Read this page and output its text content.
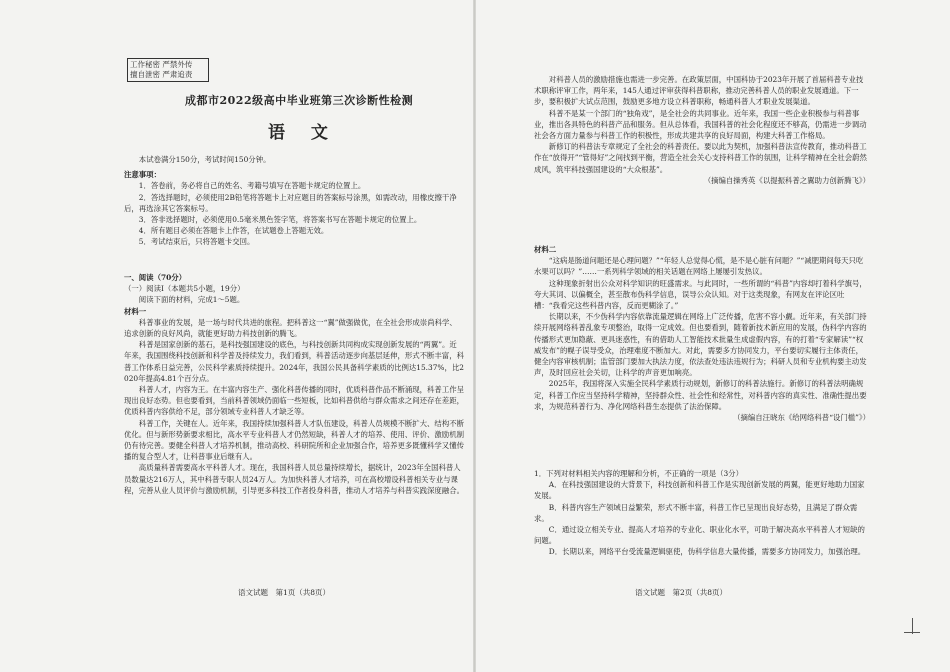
工作秘密 严禁外传
擅自泄密 严肃追责
成都市2022级高中毕业班第三次诊断性检测
语 文

本试卷满分150分，考试时间150分钟。

注意事项：

1．答卷前，务必将自己的姓名、考籍号填写在答题卡规定的位置上。

2．答选择题时，必须使用2B铅笔将答题卡上对应题目的答案标号涂黑，如需改动，用橡皮擦干净后，再选涂其它答案标号。

3．答非选择题时，必须使用0.5毫米黑色签字笔，将答案书写在答题卡规定的位置上。

4．所有题目必须在答题卡上作答，在试题卷上答题无效。

5．考试结束后，只将答题卡交回。

一、阅读（70分）

（一）阅读Ⅰ（本题共5小题，19分）

阅读下面的材料，完成1～5题。

材料一

科普事业的发展，是一场与时代共进的旅程。把科普这一“翼”做强做优，在全社会形成崇尚科学、追求创新的良好风尚，就能更好助力科技创新的腾飞。

科普是国家创新的基石，是科技强国建设的底色，与科技创新共同构成实现创新发展的“两翼”。近年来，我国围绕科技创新和科学普及持续发力，我们看到，科普活动逐步向基层延伸，形式不断丰富，科普工作体系日益完善，公民科学素质持续提升。2024年，我国公民具备科学素质的比例达15.37%，比2020年提高4.81个百分点。

科普人才，内容为王。在丰富内容生产、强化科普传播的同时，优质科普作品不断涌现，科普工作呈现出良好态势。但也要看到，当前科普领域仍面临一些短板，比如科普供给与群众需求之间还存在差距，优质科普内容供给不足，部分领域专业科普人才缺乏等。

科普工作，关键在人。近年来，我国持续加强科普人才队伍建设，科普人员规模不断扩大、结构不断优化。但与新形势新要求相比，高水平专业科普人才仍然短缺，科普人才的培养、使用、评价、激励机制仍有待完善。要健全科普人才培养机制，推动高校、科研院所和企业加强合作，培养更多既懂科学又懂传播的复合型人才，让科普事业后继有人。

高质量科普需要高水平科普人才。现在，我国科普人员总量持续增长，据统计，2023年全国科普人员数量达216万人，其中科普专职人员24万人。为加快科普人才培养，可在高校增设科普相关专业与课程，完善从业人员评价与激励机制，引导更多科技工作者投身科普，推动人才培养与科普实践深度融合。

语文试题　第1页（共8页）

对科普人员的激励措施也需进一步完善。在政策层面，中国科协于2023年开展了首届科普专业技术职称评审工作，两年来，145人通过评审获得科普职称，推动完善科普人员的职业发展通道。下一步，要积极扩大试点范围，鼓励更多地方设立科普职称，畅通科普人才职业发展渠道。

科普不是某一个部门的“独角戏”，是全社会的共同事业。近年来，我国一些企业积极参与科普事业，推出各具特色的科普产品和服务。但从总体看，我国科普的社会化程度还不够高，仍需进一步调动社会各方面力量参与科普工作的积极性，形成共建共享的良好局面，构建大科普工作格局。

新修订的科普法专章规定了全社会的科普责任。要以此为契机，加强科普法宣传教育，推动科普工作在“放得开”“管得好”之间找到平衡，营造全社会关心支持科普工作的氛围，让科学精神在全社会蔚然成风，筑牢科技强国建设的“大众根基”。

（摘编自操秀英《以提振科普之翼助力创新腾飞》）

材料二

“这病是肠道问题还是心理问题？”“年轻人总觉得心慌，是不是心脏有问题？”“减肥期间每天只吃水果可以吗？”……一系列科学领域的相关话题在网络上屡屡引发热议。

这种现象折射出公众对科学知识的旺盛需求。与此同时，一些所谓的“科普”内容却打着科学旗号，夸大其词、以偏概全，甚至散布伪科学信息，误导公众认知。对于这类现象，有网友在评论区吐槽：“我看完这些科普内容，反而更糊涂了。”

长期以来，不少伪科学内容依靠流量逻辑在网络上广泛传播，危害不容小觑。近年来，有关部门持续开展网络科普乱象专项整治，取得一定成效。但也要看到，随着新技术新应用的发展，伪科学内容的传播形式更加隐蔽、更具迷惑性，有的借助人工智能技术批量生成虚假内容，有的打着“专家解读”“权威发布”的幌子误导受众，治理难度不断加大。对此，需要多方协同发力，平台要切实履行主体责任，健全内容审核机制；监管部门要加大执法力度，依法查处违法违规行为；科研人员和专业机构要主动发声，及时回应社会关切，让科学的声音更加响亮。

2025年，我国将深入实施全民科学素质行动规划，新修订的科普法施行。新修订的科普法明确规定，科普工作应当坚持科学精神，坚持群众性、社会性和经常性，对科普内容的真实性、准确性提出要求，为规范科普行为、净化网络科普生态提供了法治保障。

（摘编自汪晓东《给网络科普“设门槛”》）

1．下列对材料相关内容的理解和分析，不正确的一项是（3分）

A．在科技强国建设的大背景下，科技创新和科普工作是实现创新发展的两翼，能更好地助力国家发展。

B．科普内容生产领域日益繁荣，形式不断丰富，科普工作已呈现出良好态势，且满足了群众需求。

C．通过设立相关专业、提高人才培养的专业化、职业化水平，可助于解决高水平科普人才短缺的问题。

D．长期以来，网络平台受流量逻辑驱使，伪科学信息大量传播，需要多方协同发力，加强治理。

语文试题　第2页（共8页）
